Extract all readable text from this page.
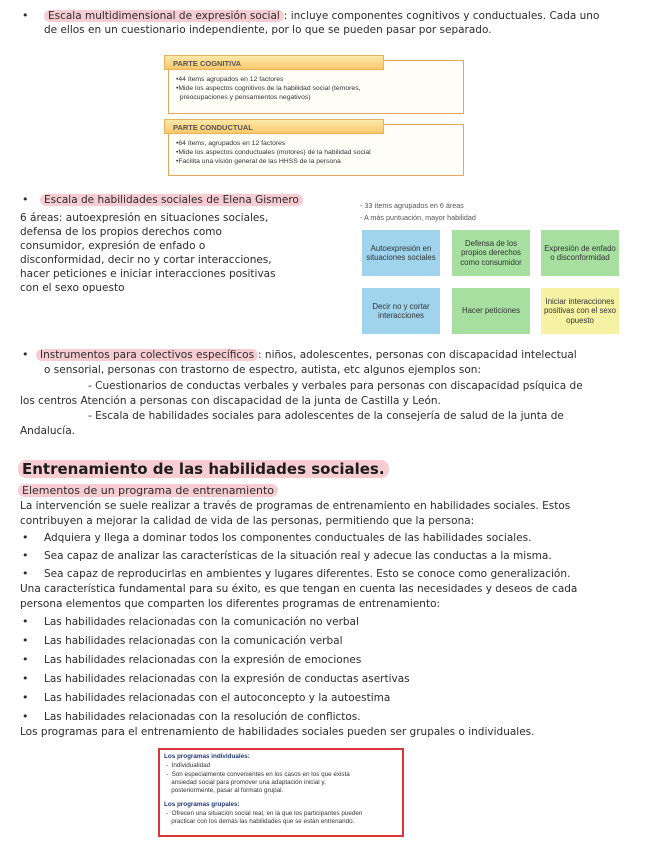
•	Escala multidimensional de expresión social : incluye componentes cognitivos y conductuales. Cada uno
de ellos en un cuestionario independiente, por lo que se pueden pasar por separado.
PARTE COGNITIVA
•44 ítems agrupados en 12 factores
•Mide los aspectos cognitivos de la habilidad social (temores,
preocupaciones y pensamientos negativos)
PARTE CONDUCTUAL
•64 ítems, agrupados en 12 factores
•Mide los aspectos conductuales (motores) de la habilidad social
•Facilita una visión general de las HHSS de la persona
•	Escala de habilidades sociales de Elena Gismero
6 áreas: autoexpresión en situaciones sociales,
defensa de los propios derechos como
consumidor, expresión de enfado o
disconformidad, decir no y cortar interacciones,
hacer peticiones e iniciar interacciones positivas
con el sexo opuesto
- 33 ítems agrupados en 6 áreas
- A más puntuación, mayor habilidad
Autoexpresión en situaciones sociales
Defensa de los propios derechos como consumidor
Expresión de enfado o disconformidad
Decir no y cortar interacciones
Hacer peticiones
Iniciar interacciones positivas con el sexo opuesto
•	Instrumentos para colectivos específicos : niños, adolescentes, personas con discapacidad intelectual
o sensorial, personas con trastorno de espectro, autista, etc algunos ejemplos son:
- Cuestionarios de conductas verbales y verbales para personas con discapacidad psíquica de
los centros Atención a personas con discapacidad de la junta de Castilla y León.
- Escala de habilidades sociales para adolescentes de la consejería de salud de la junta de
Andalucía.
Entrenamiento de las habilidades sociales.
Elementos de un programa de entrenamiento
La intervención se suele realizar a través de programas de entrenamiento en habilidades sociales. Estos
contribuyen a mejorar la calidad de vida de las personas, permitiendo que la persona:
• Adquiera y llega a dominar todos los componentes conductuales de las habilidades sociales.
• Sea capaz de analizar las características de la situación real y adecue las conductas a la misma.
• Sea capaz de reproducirlas en ambientes y lugares diferentes. Esto se conoce como generalización.
Una característica fundamental para su éxito, es que tengan en cuenta las necesidades y deseos de cada
persona elementos que comparten los diferentes programas de entrenamiento:
• Las habilidades relacionadas con la comunicación no verbal
• Las habilidades relacionadas con la comunicación verbal
• Las habilidades relacionadas con la expresión de emociones
• Las habilidades relacionadas con la expresión de conductas asertivas
• Las habilidades relacionadas con el autoconcepto y la autoestima
• Las habilidades relacionadas con la resolución de conflictos.
Los programas para el entrenamiento de habilidades sociales pueden ser grupales o individuales.
Los programas individuales:
-  Individualidad
-  Son especialmente convenientes en los casos en los que exista
ansiedad social para promover una adaptación inicial y,
posteriormente, pasar al formato grupal.
Los programas grupales:
-  Ofrecen una situación social real, en la que los participantes pueden
practicar con los demás las habilidades que se están entrenando.
